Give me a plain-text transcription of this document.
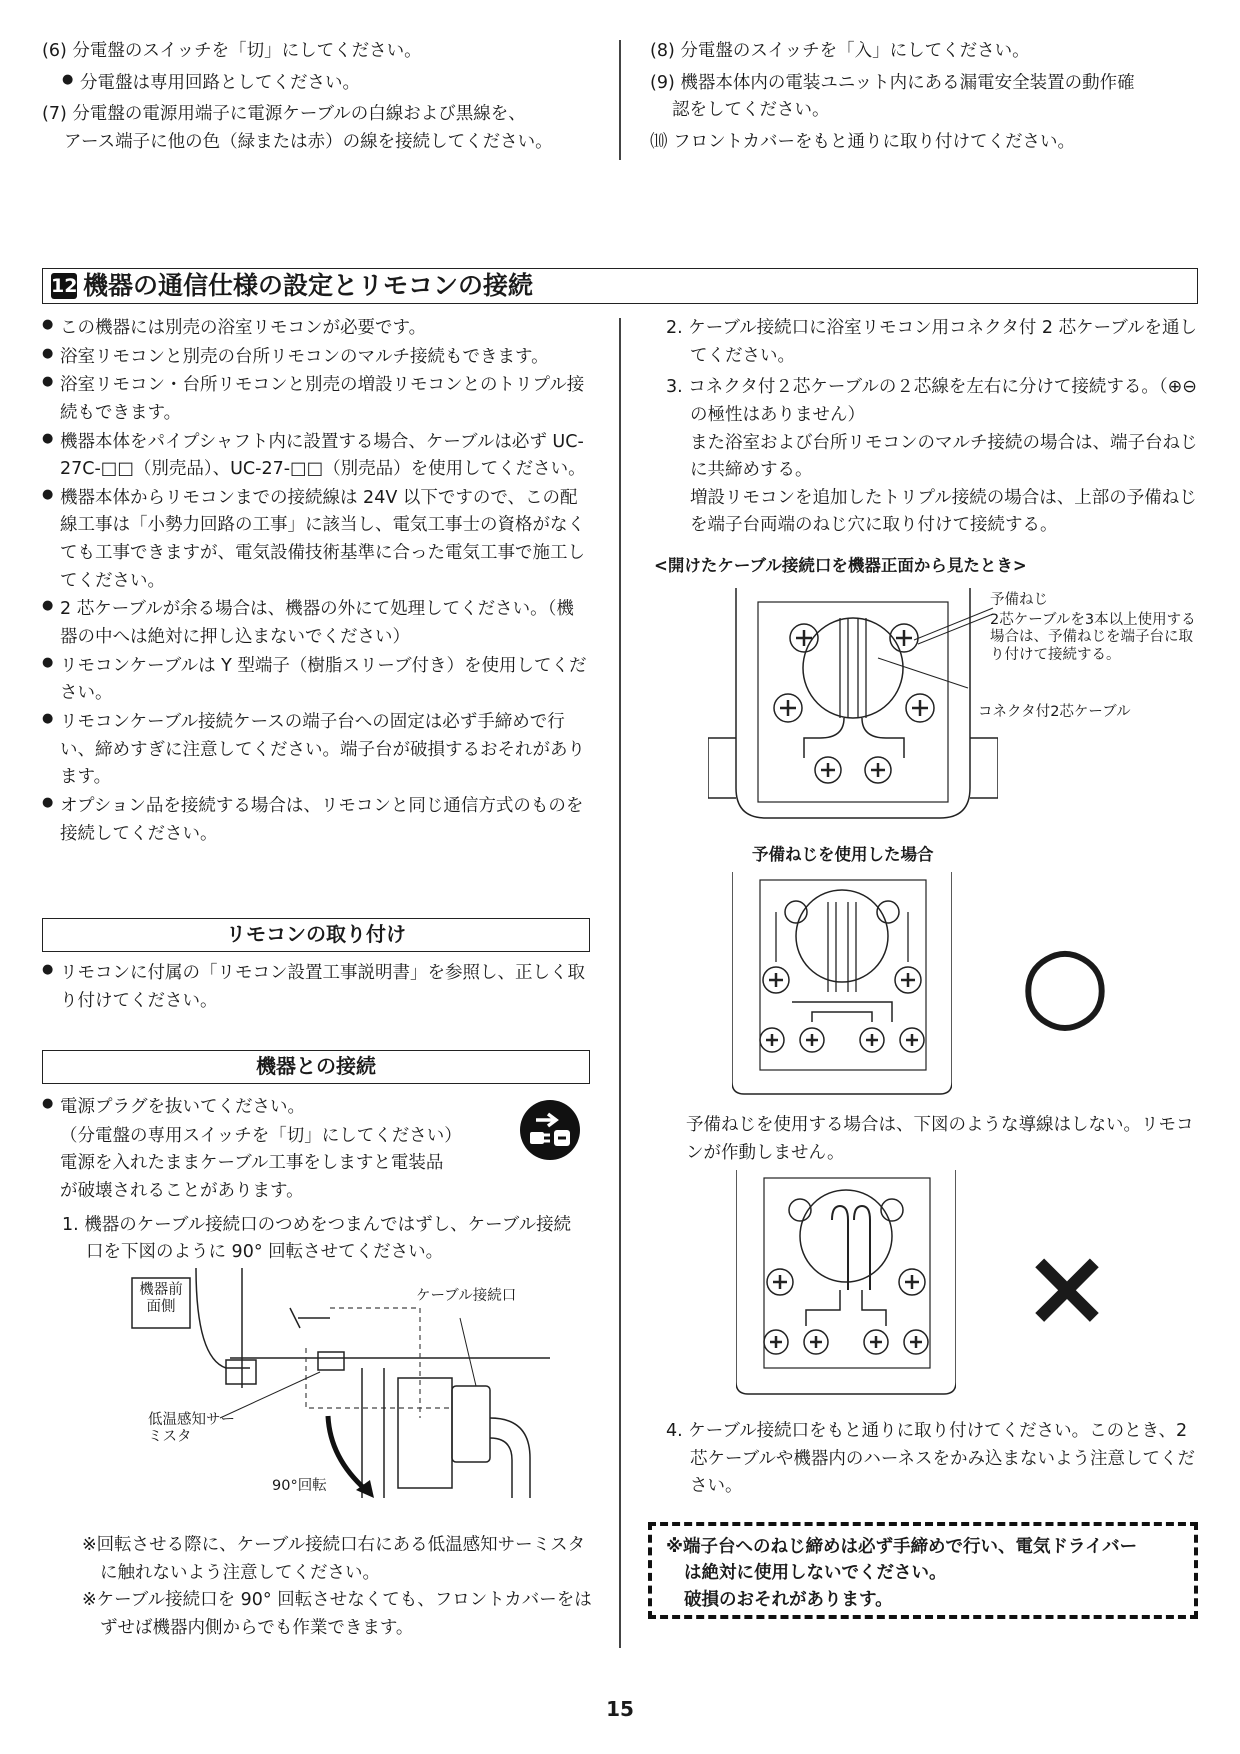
(6) 分電盤のスイッチを「切」にしてください。

● 分電盤は専用回路としてください。

(7) 分電盤の電源用端子に電源ケーブルの白線および黒線を、

アース端子に他の色（緑または赤）の線を接続してください。

(8) 分電盤のスイッチを「入」にしてください。

(9) 機器本体内の電装ユニット内にある漏電安全装置の動作確

認をしてください。

⑽ フロントカバーをもと通りに取り付けてください。

12 機器の通信仕様の設定とリモコンの接続

● この機器には別売の浴室リモコンが必要です。

● 浴室リモコンと別売の台所リモコンのマルチ接続もできます。

● 浴室リモコン・台所リモコンと別売の増設リモコンとのトリプル接続もできます。

● 機器本体をパイプシャフト内に設置する場合、ケーブルは必ず UC-27C-□□（別売品）、UC-27-□□（別売品）を使用してください。

● 機器本体からリモコンまでの接続線は 24V 以下ですので、この配線工事は「小勢力回路の工事」に該当し、電気工事士の資格がなくても工事できますが、電気設備技術基準に合った電気工事で施工してください。

● 2 芯ケーブルが余る場合は、機器の外にて処理してください。（機器の中へは絶対に押し込まないでください）

● リモコンケーブルは Y 型端子（樹脂スリーブ付き）を使用してください。

● リモコンケーブル接続ケースの端子台への固定は必ず手締めで行い、締めすぎに注意してください。端子台が破損するおそれがあります。

● オプション品を接続する場合は、リモコンと同じ通信方式のものを接続してください。

リモコンの取り付け

● リモコンに付属の「リモコン設置工事説明書」を参照し、正しく取り付けてください。

機器との接続

● 電源プラグを抜いてください。

（分電盤の専用スイッチを「切」にしてください）

電源を入れたままケーブル工事をしますと電装品

が破壊されることがあります。

1. 機器のケーブル接続口のつめをつまんではずし、ケーブル接続口を下図のように 90° 回転させてください。

機器前面側
ケーブル接続口
低温感知サーミスタ
90°回転

※回転させる際に、ケーブル接続口右にある低温感知サーミスタに触れないよう注意してください。

※ケーブル接続口を 90° 回転させなくても、フロントカバーをはずせば機器内側からでも作業できます。

2. ケーブル接続口に浴室リモコン用コネクタ付 2 芯ケーブルを通してください。

3. コネクタ付２芯ケーブルの２芯線を左右に分けて接続する。（⊕⊖の極性はありません）

また浴室および台所リモコンのマルチ接続の場合は、端子台ねじに共締めする。

増設リモコンを追加したトリプル接続の場合は、上部の予備ねじを端子台両端のねじ穴に取り付けて接続する。

<開けたケーブル接続口を機器正面から見たとき>
予備ねじ
2芯ケーブルを3本以上使用する場合は、予備ねじを端子台に取り付けて接続する。
コネクタ付2芯ケーブル
予備ねじを使用した場合
○
予備ねじを使用する場合は、下図のような導線はしない。リモコンが作動しません。
×

4. ケーブル接続口をもと通りに取り付けてください。このとき、2 芯ケーブルや機器内のハーネスをかみ込まないよう注意してください。

※端子台へのねじ締めは必ず手締めで行い、電気ドライバー

は絶対に使用しないでください。

破損のおそれがあります。

15
